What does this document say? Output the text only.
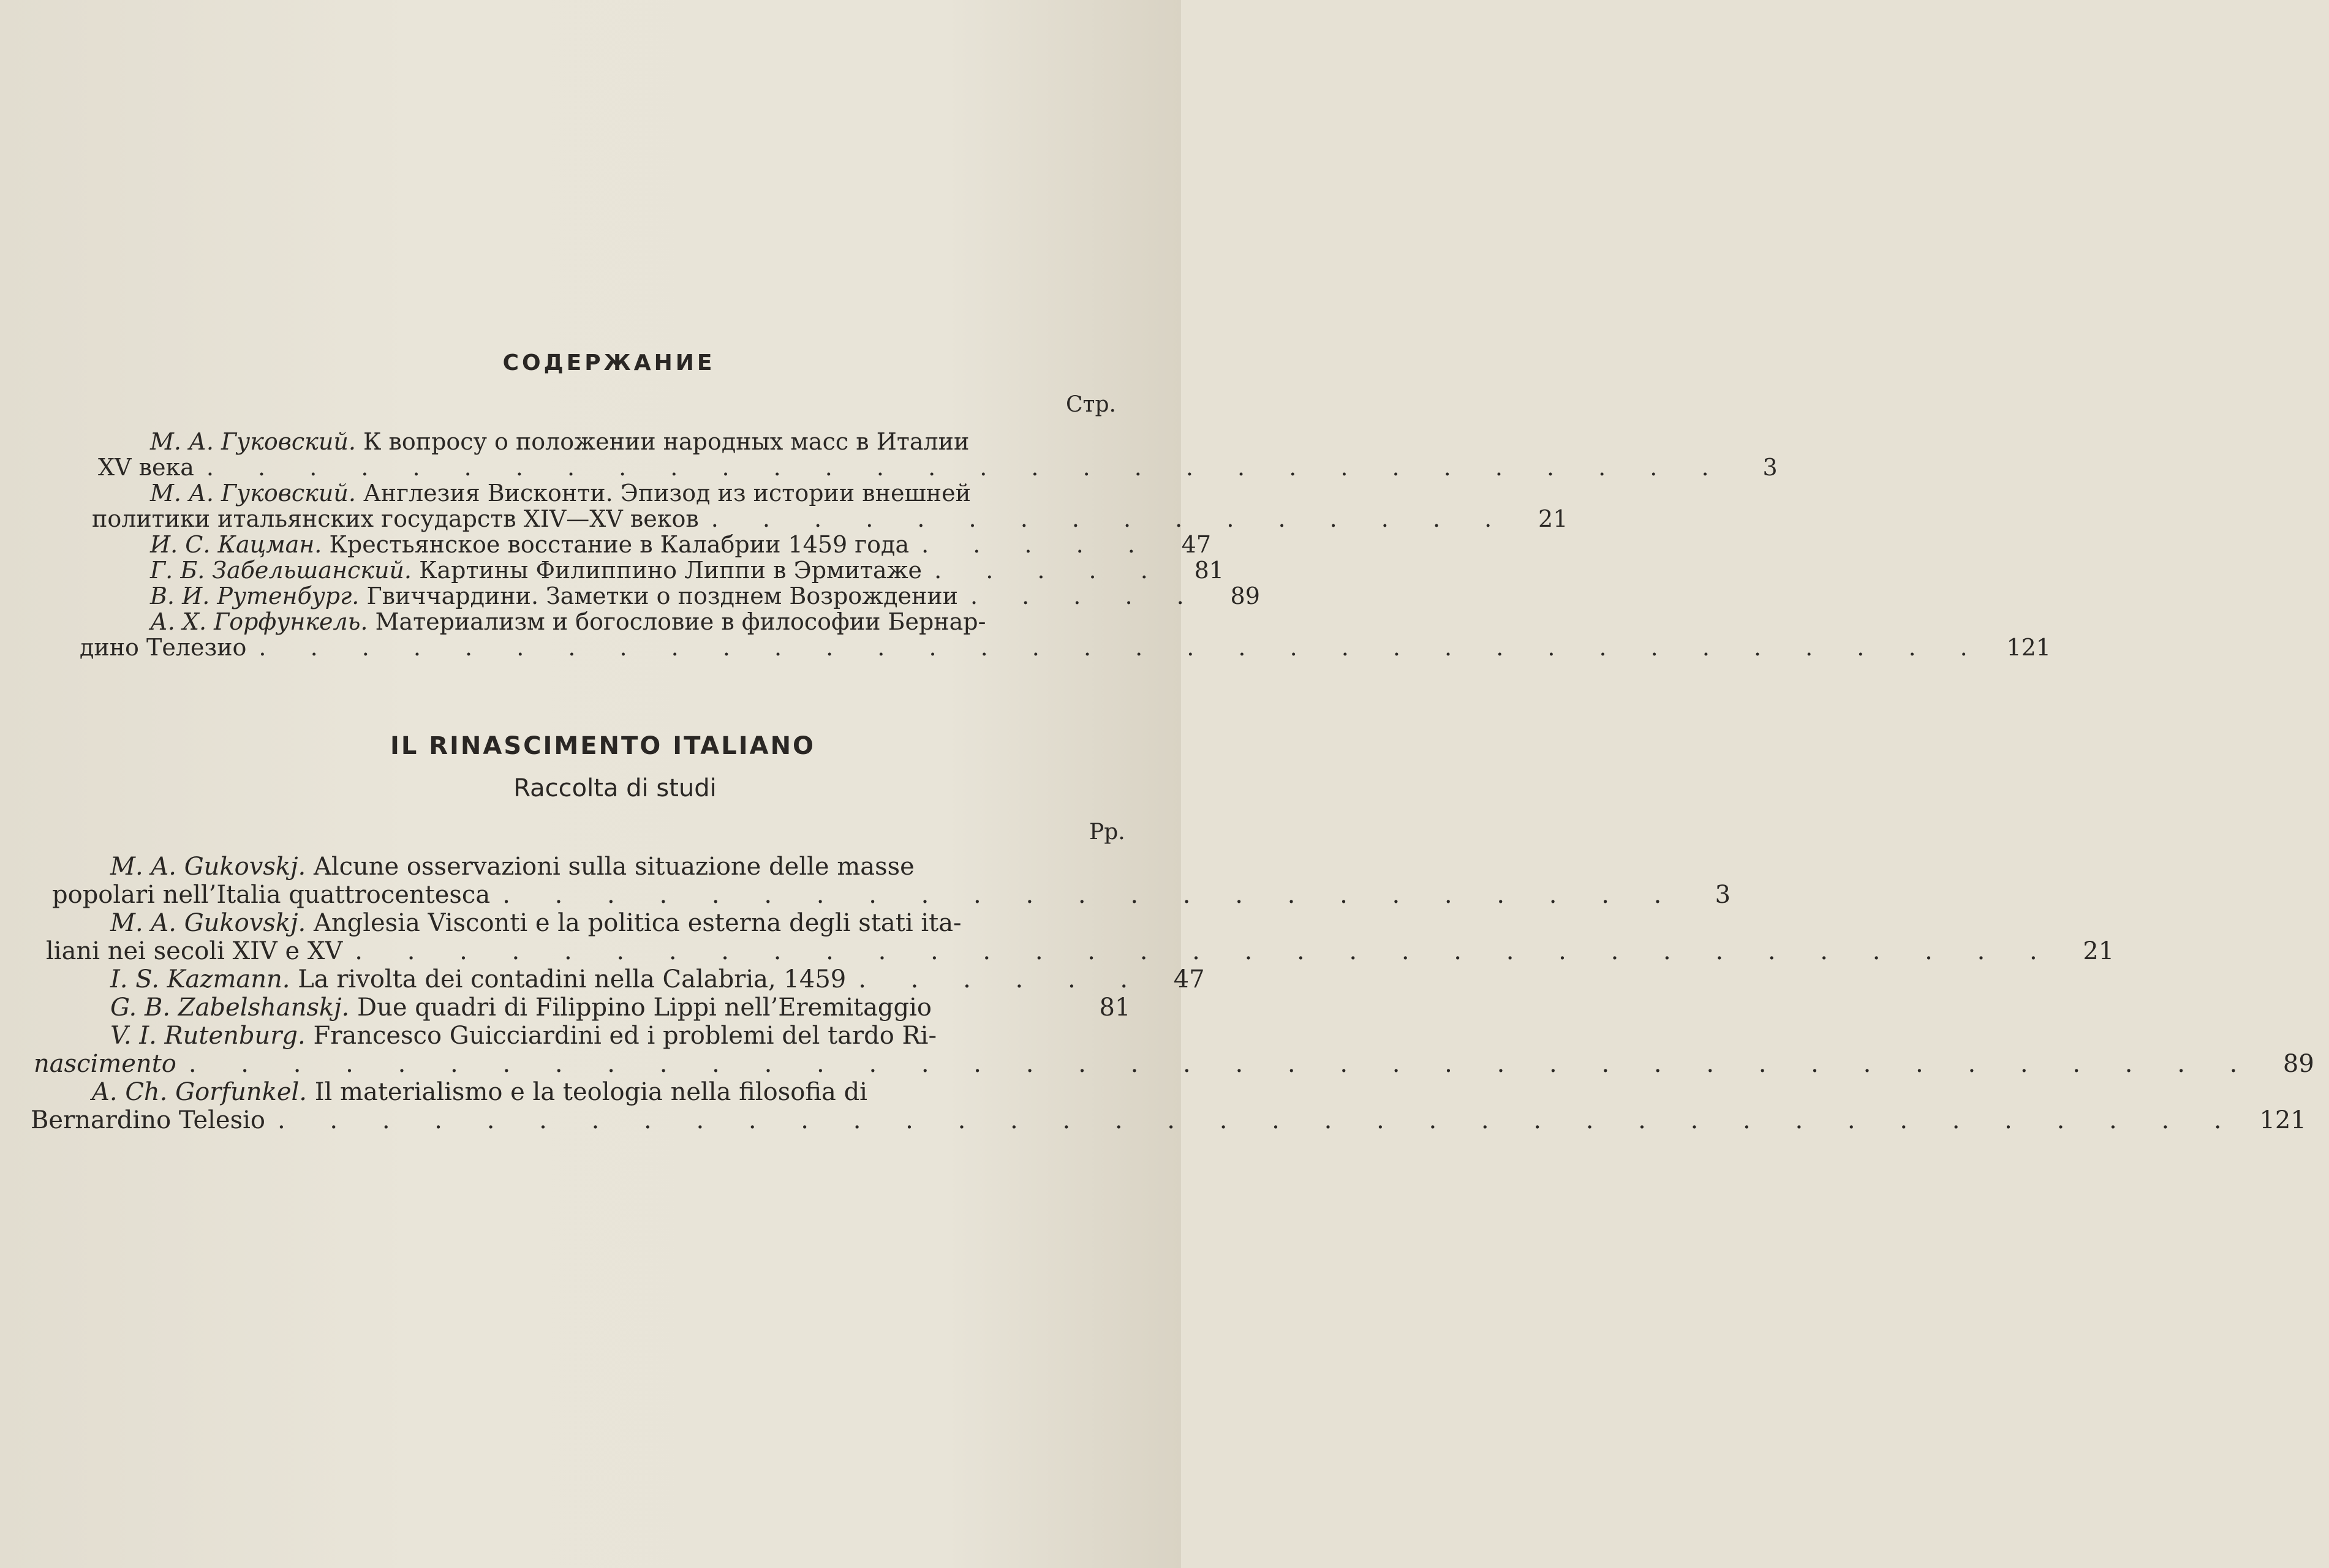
СОДЕРЖАНИЕ
Стр.
М. А. Гуковский.
К вопросу о положении народных масс в Италии
XV века . . . . . . . . . . . . . . . . . . . . . . . . . . . . . .	3
М. А. Гуковский.
Англезия Висконти. Эпизод из истории внешней
политики итальянских государств XIV—XV веков . . . . . . . . . . . . . . . .	21
И. С. Кацман.
Крестьянское восстание в Калабрии 1459 года . . . . .	47
Г. Б. Забельшанский.
Картины Филиппино Липпи в Эрмитаже . . . . .	81
В. И. Рутенбург.
Гвиччардини. Заметки о позднем Возрождении . . . . .	89
А. Х. Горфункель.
Материализм и богословие в философии Бернар-
дино Телезио . . . . . . . . . . . . . . . . . . . . . . . . . . . . . . . . . . 121
IL RINASCIMENTO ITALIANO
Raccolta di studi
Pp.
M. A. Gukovskj.
Alcune osservazioni sulla situazione delle masse
popolari nell’Italia quattrocentesca . . . . . . . . . . . . . . . . . . . . . . .	3
M. A. Gukovskj.
Anglesia Visconti e la politica esterna degli stati ita-
liani nei secoli XIV e XV . . . . . . . . . . . . . . . . . . . . . . . . . . . . . . . . .	21
I. S. Kazmann.
La rivolta dei contadini nella Calabria, 1459 . . . . . .	47
G. B. Zabelshanskj.
Due quadri di Filippino Lippi nell’Eremitaggio	81
V. I. Rutenburg.
Francesco Guicciardini ed i problemi del tardo Ri-
nascimento . . . . . . . . . . . . . . . . . . . . . . . . . . . . . . . . . . . . . . . .	89
A. Ch. Gorfunkel.
Il materialismo e la teologia nella filosofia di
Bernardino Telesio . . . . . . . . . . . . . . . . . . . . . . . . . . . . . . . . . . . . . . 121
